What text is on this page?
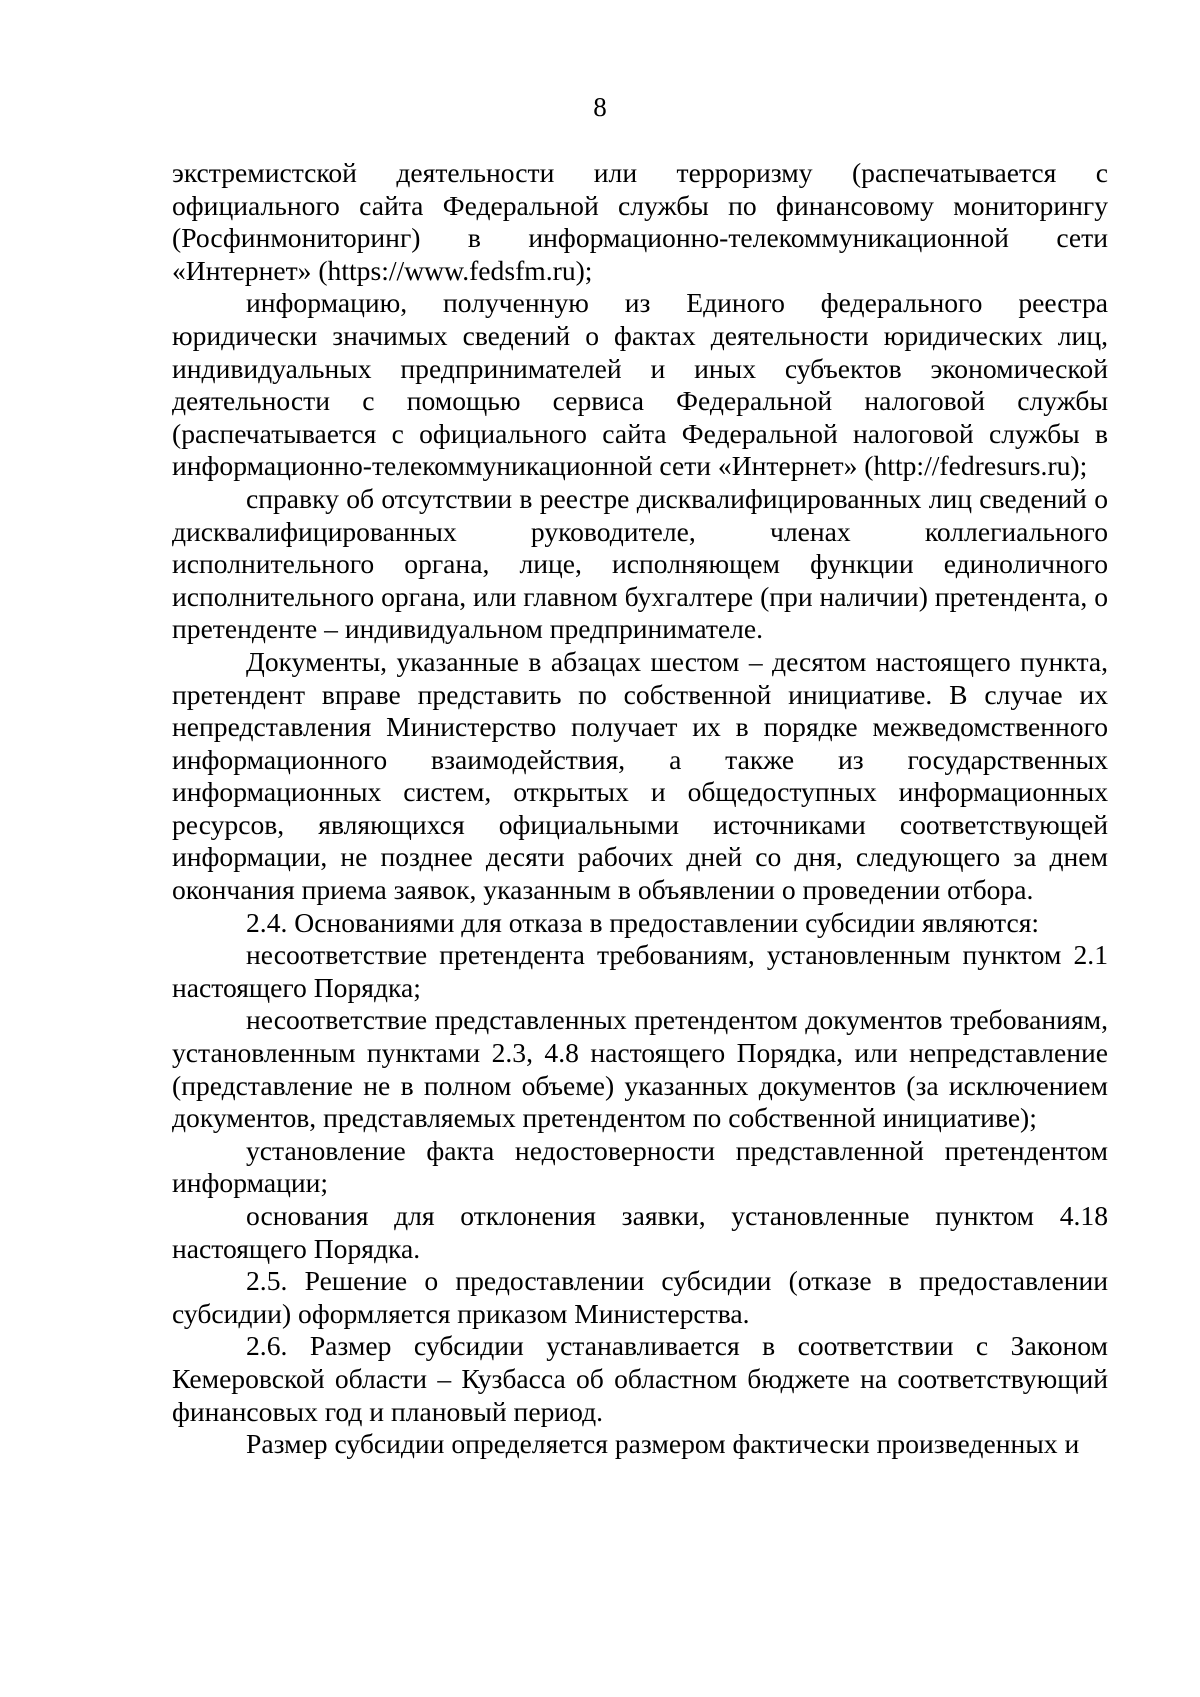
8

экстремистской деятельности или терроризму (распечатывается с официального сайта Федеральной службы по финансовому мониторингу (Росфинмониторинг) в информационно-телекоммуникационной сети «Интернет» (https://www.fedsfm.ru);

информацию, полученную из Единого федерального реестра юридически значимых сведений о фактах деятельности юридических лиц, индивидуальных предпринимателей и иных субъектов экономической деятельности с помощью сервиса Федеральной налоговой службы (распечатывается с официального сайта Федеральной налоговой службы в информационно-телекоммуникационной сети «Интернет» (http://fedresurs.ru);

справку об отсутствии в реестре дисквалифицированных лиц сведений о дисквалифицированных руководителе, членах коллегиального исполнительного органа, лице, исполняющем функции единоличного исполнительного органа, или главном бухгалтере (при наличии) претендента, о претенденте – индивидуальном предпринимателе.

Документы, указанные в абзацах шестом – десятом настоящего пункта, претендент вправе представить по собственной инициативе. В случае их непредставления Министерство получает их в порядке межведомственного информационного взаимодействия, а также из государственных информационных систем, открытых и общедоступных информационных ресурсов, являющихся официальными источниками соответствующей информации, не позднее десяти рабочих дней со дня, следующего за днем окончания приема заявок, указанным в объявлении о проведении отбора.

2.4. Основаниями для отказа в предоставлении субсидии являются:

несоответствие претендента требованиям, установленным пунктом 2.1 настоящего Порядка;

несоответствие представленных претендентом документов требованиям, установленным пунктами 2.3, 4.8 настоящего Порядка, или непредставление (представление не в полном объеме) указанных документов (за исключением документов, представляемых претендентом по собственной инициативе);

установление факта недостоверности представленной претендентом информации;

основания для отклонения заявки, установленные пунктом 4.18 настоящего Порядка.

2.5. Решение о предоставлении субсидии (отказе в предоставлении субсидии) оформляется приказом Министерства.

2.6. Размер субсидии устанавливается в соответствии с Законом Кемеровской области – Кузбасса об областном бюджете на соответствующий финансовых год и плановый период.

Размер субсидии определяется размером фактически произведенных и
